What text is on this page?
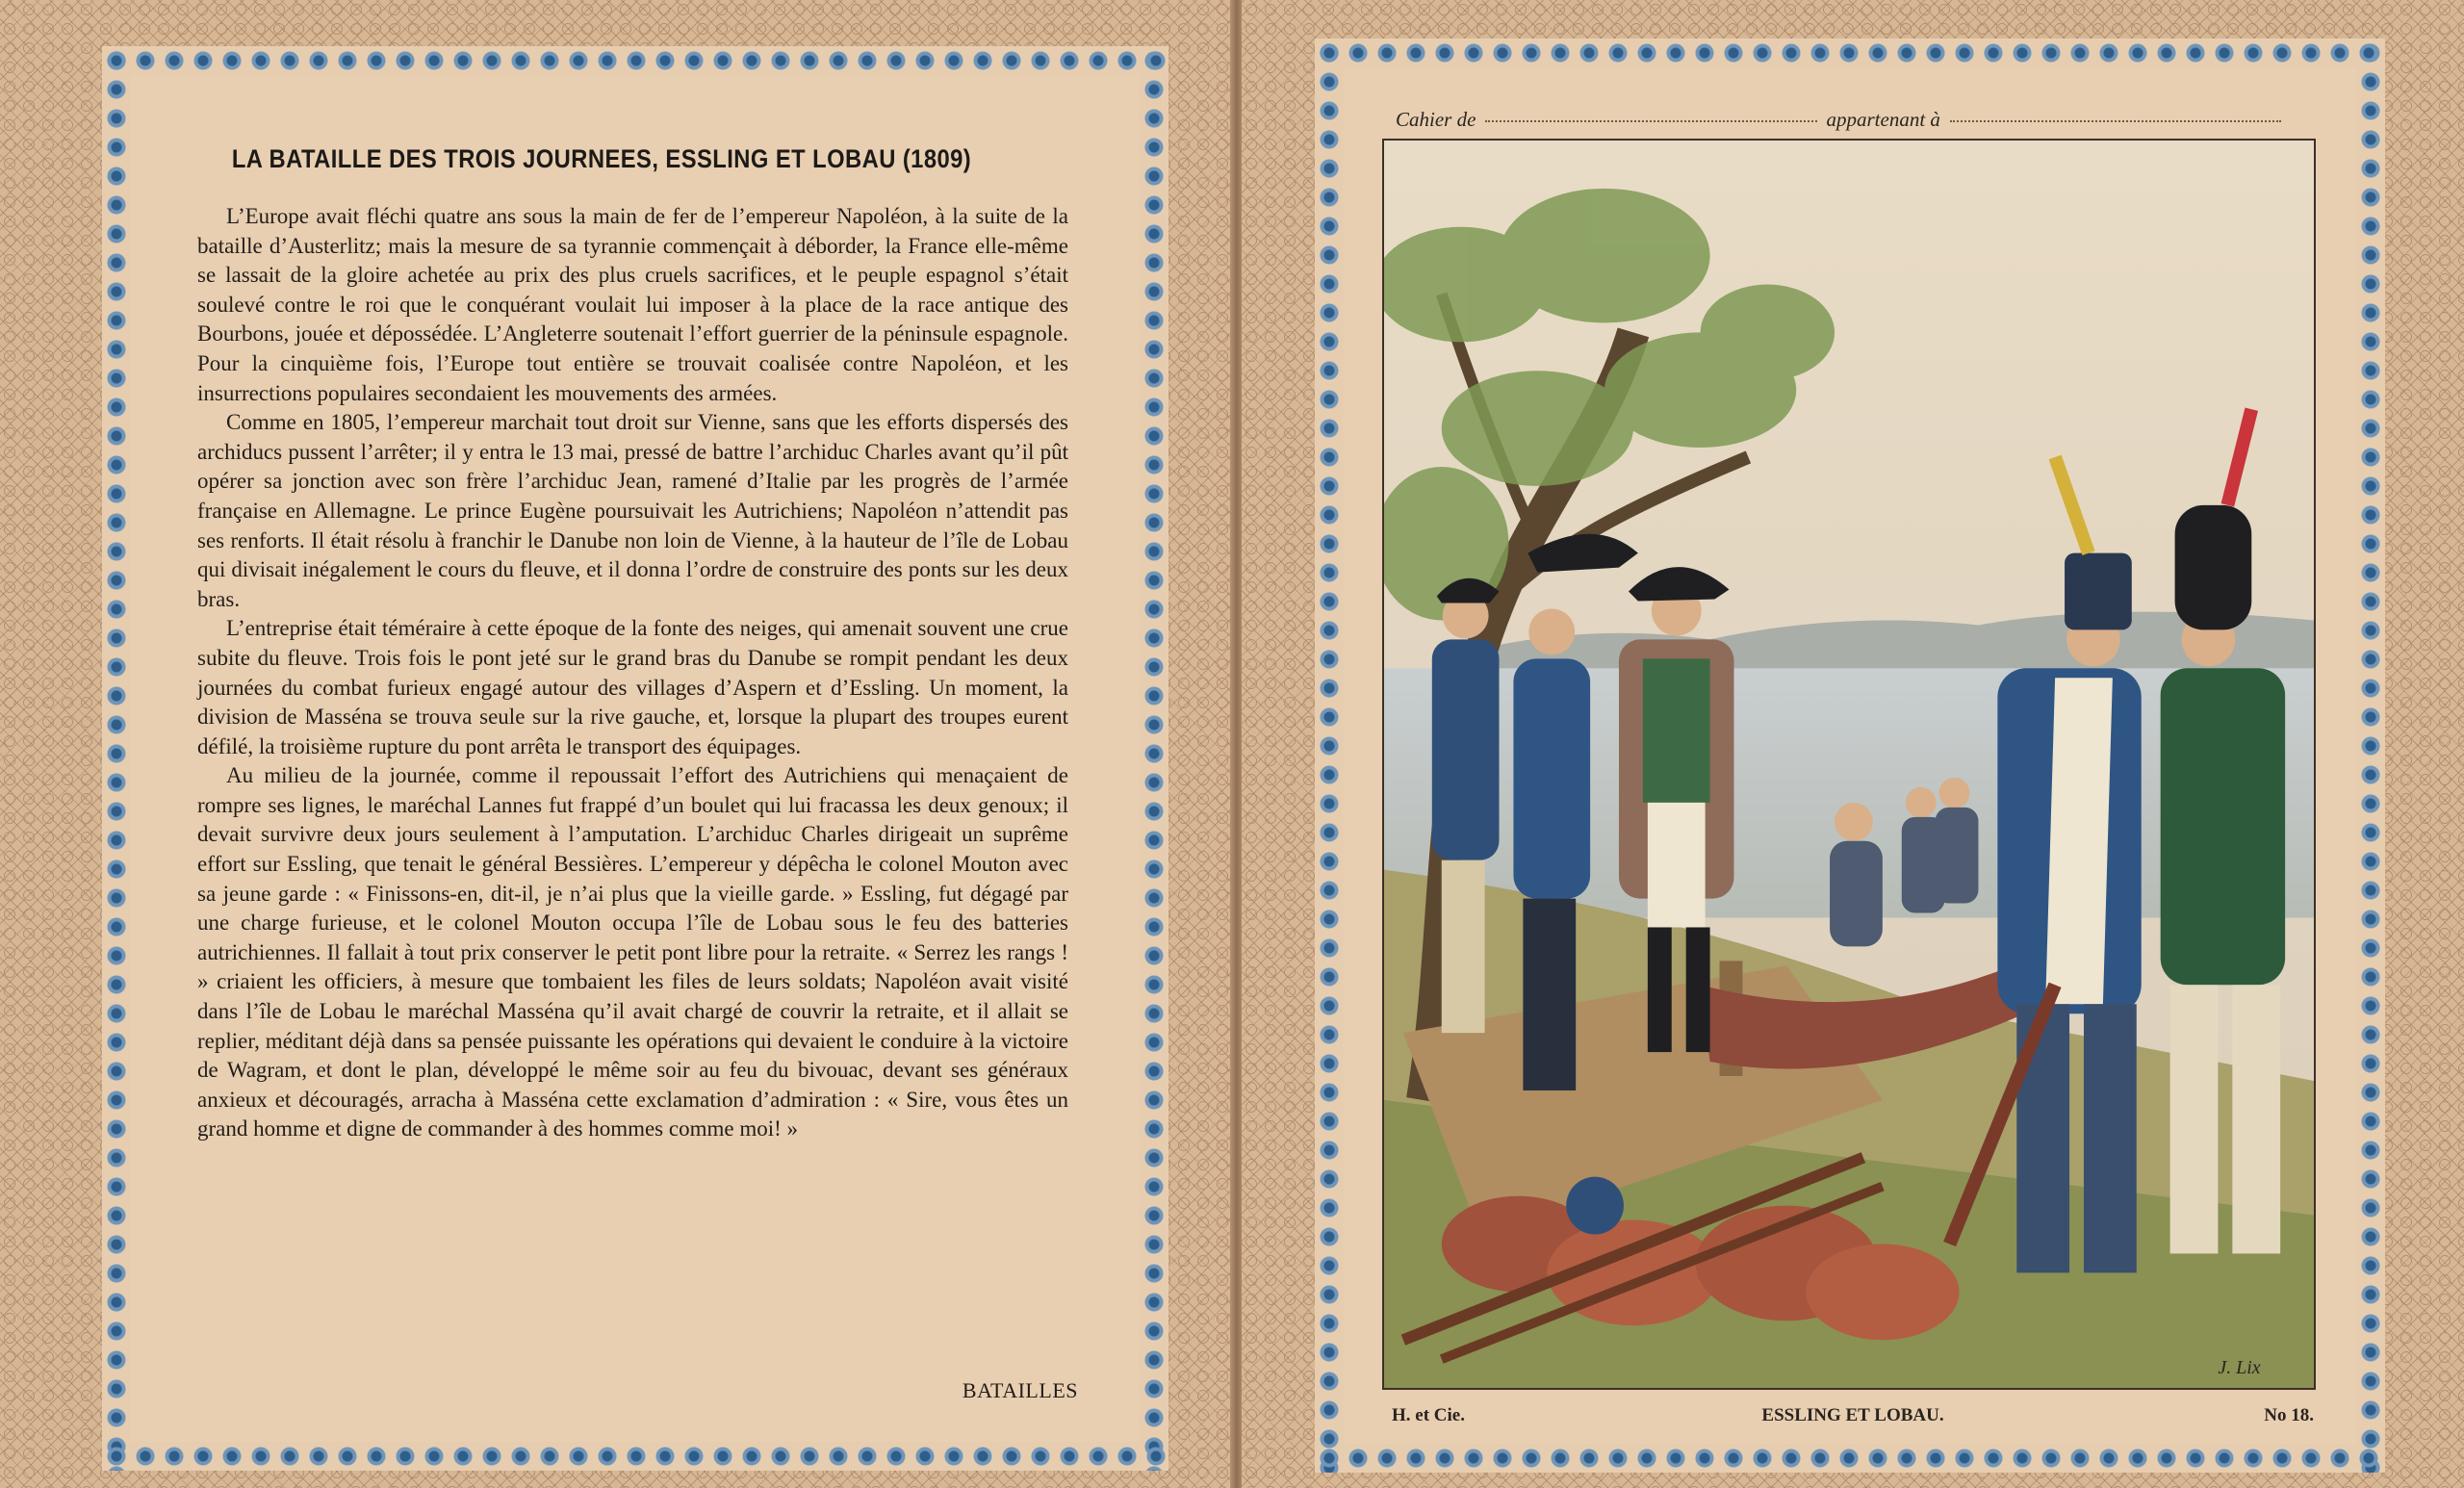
LA BATAILLE DES TROIS JOURNEES, ESSLING ET LOBAU (1809)

L’Europe avait fléchi quatre ans sous la main de fer de l’empereur Napoléon, à la suite de la bataille d’Austerlitz; mais la mesure de sa tyrannie commençait à déborder, la France elle-même se lassait de la gloire achetée au prix des plus cruels sacrifices, et le peuple espagnol s’était soulevé contre le roi que le conquérant voulait lui imposer à la place de la race antique des Bourbons, jouée et dépossédée. L’Angleterre soutenait l’effort guerrier de la péninsule espagnole. Pour la cinquième fois, l’Europe tout entière se trouvait coalisée contre Napoléon, et les insurrections populaires secondaient les mouvements des armées.

Comme en 1805, l’empereur marchait tout droit sur Vienne, sans que les efforts dispersés des archiducs pussent l’arrêter; il y entra le 13 mai, pressé de battre l’archiduc Charles avant qu’il pût opérer sa jonction avec son frère l’archiduc Jean, ramené d’Italie par les progrès de l’armée française en Allemagne. Le prince Eugène poursuivait les Autrichiens; Napoléon n’attendit pas ses renforts. Il était résolu à franchir le Danube non loin de Vienne, à la hauteur de l’île de Lobau qui divisait inégalement le cours du fleuve, et il donna l’ordre de construire des ponts sur les deux bras.

L’entreprise était téméraire à cette époque de la fonte des neiges, qui amenait souvent une crue subite du fleuve. Trois fois le pont jeté sur le grand bras du Danube se rompit pendant les deux journées du combat furieux engagé autour des villages d’Aspern et d’Essling. Un moment, la division de Masséna se trouva seule sur la rive gauche, et, lorsque la plupart des troupes eurent défilé, la troisième rupture du pont arrêta le transport des équipages.

Au milieu de la journée, comme il repoussait l’effort des Autrichiens qui menaçaient de rompre ses lignes, le maréchal Lannes fut frappé d’un boulet qui lui fracassa les deux genoux; il devait survivre deux jours seulement à l’amputation. L’archiduc Charles dirigeait un suprême effort sur Essling, que tenait le général Bessières. L’empereur y dépêcha le colonel Mouton avec sa jeune garde : « Finissons-en, dit-il, je n’ai plus que la vieille garde. » Essling, fut dégagé par une charge furieuse, et le colonel Mouton occupa l’île de Lobau sous le feu des batteries autrichiennes. Il fallait à tout prix conserver le petit pont libre pour la retraite. « Serrez les rangs ! » criaient les officiers, à mesure que tombaient les files de leurs soldats; Napoléon avait visité dans l’île de Lobau le maréchal Masséna qu’il avait chargé de couvrir la retraite, et il allait se replier, méditant déjà dans sa pensée puissante les opérations qui devaient le conduire à la victoire de Wagram, et dont le plan, développé le même soir au feu du bivouac, devant ses généraux anxieux et découragés, arracha à Masséna cette exclamation d’admiration : « Sire, vous êtes un grand homme et digne de commander à des hommes comme moi! »

BATAILLES
Cahier de	appartenant à
J. Lix
H. et Cie.	ESSLING ET LOBAU.	No 18.
